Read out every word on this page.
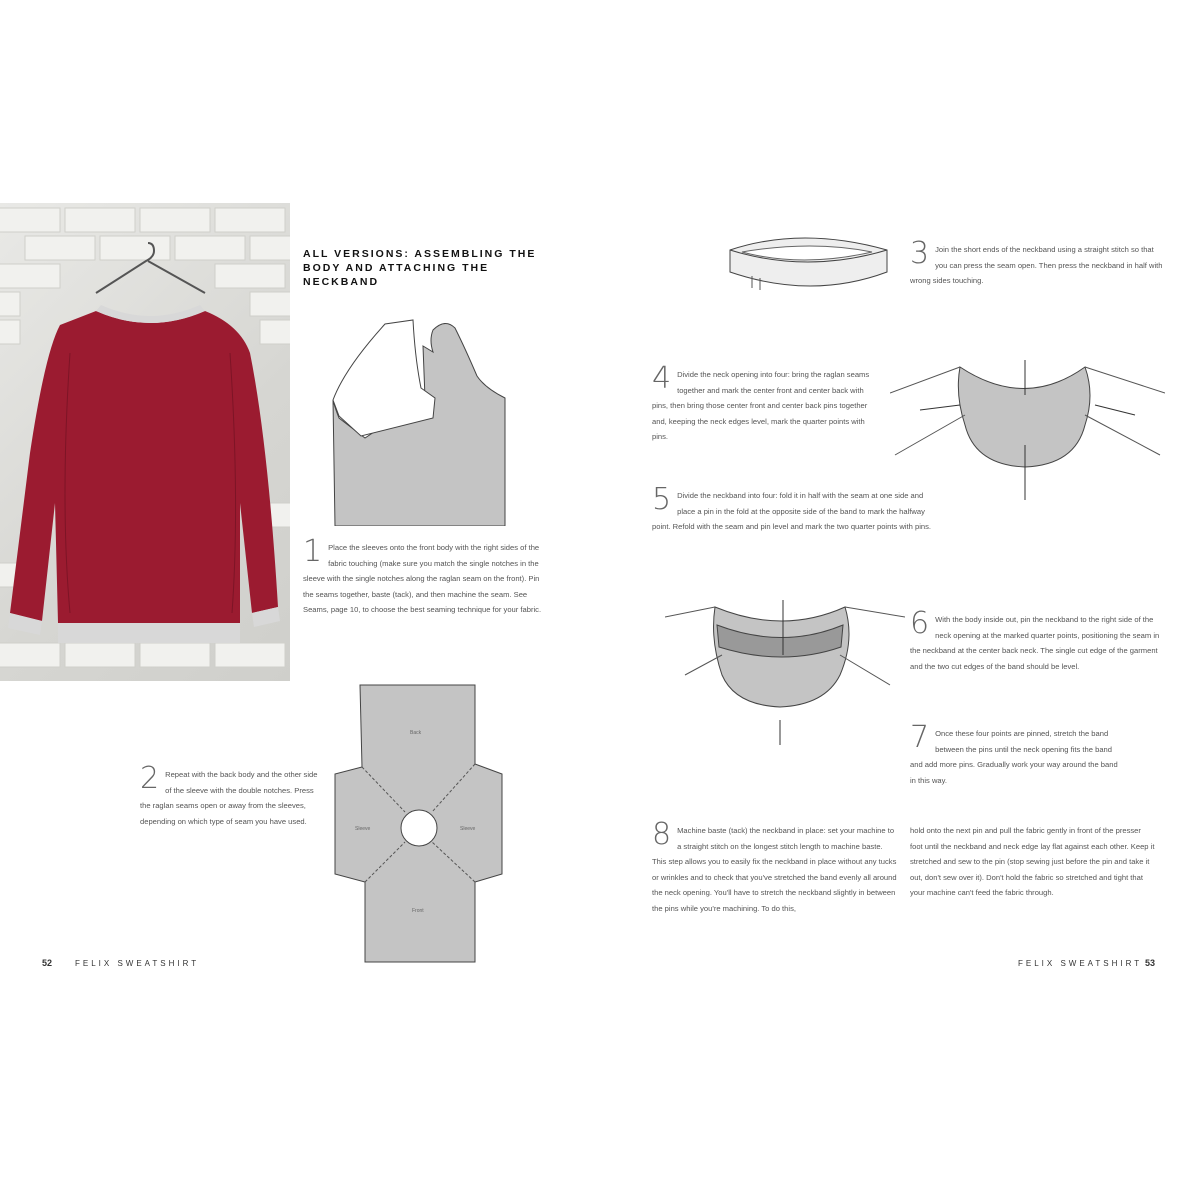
ALL VERSIONS: ASSEMBLING THE BODY AND ATTACHING THE NECKBAND
1 Place the sleeves onto the front body with the right sides of the fabric touching (make sure you match the single notches in the sleeve with the single notches along the raglan seam on the front). Pin the seams together, baste (tack), and then machine the seam. See Seams, page 10, to choose the best seaming technique for your fabric.
2 Repeat with the back body and the other side of the sleeve with the double notches. Press the raglan seams open or away from the sleeves, depending on which type of seam you have used.
Back
Sleeve	Sleeve
Front
52	FELIX SWEATSHIRT
3 Join the short ends of the neckband using a straight stitch so that you can press the seam open. Then press the neckband in half with wrong sides touching.
4 Divide the neck opening into four: bring the raglan seams together and mark the center front and center back with pins, then bring those center front and center back pins together and, keeping the neck edges level, mark the quarter points with pins.
5 Divide the neckband into four: fold it in half with the seam at one side and place a pin in the fold at the opposite side of the band to mark the halfway point. Refold with the seam and pin level and mark the two quarter points with pins.
6 With the body inside out, pin the neckband to the right side of the neck opening at the marked quarter points, positioning the seam in the neckband at the center back neck. The single cut edge of the garment and the two cut edges of the band should be level.
7 Once these four points are pinned, stretch the band between the pins until the neck opening fits the band and add more pins. Gradually work your way around the band in this way.
8 Machine baste (tack) the neckband in place: set your machine to a straight stitch on the longest stitch length to machine baste. This step allows you to easily fix the neckband in place without any tucks or wrinkles and to check that you've stretched the band evenly all around the neck opening. You'll have to stretch the neckband slightly in between the pins while you're machining. To do this,
hold onto the next pin and pull the fabric gently in front of the presser foot until the neckband and neck edge lay flat against each other. Keep it stretched and sew to the pin (stop sewing just before the pin and take it out, don't sew over it). Don't hold the fabric so stretched and tight that your machine can't feed the fabric through.
FELIX SWEATSHIRT 53
